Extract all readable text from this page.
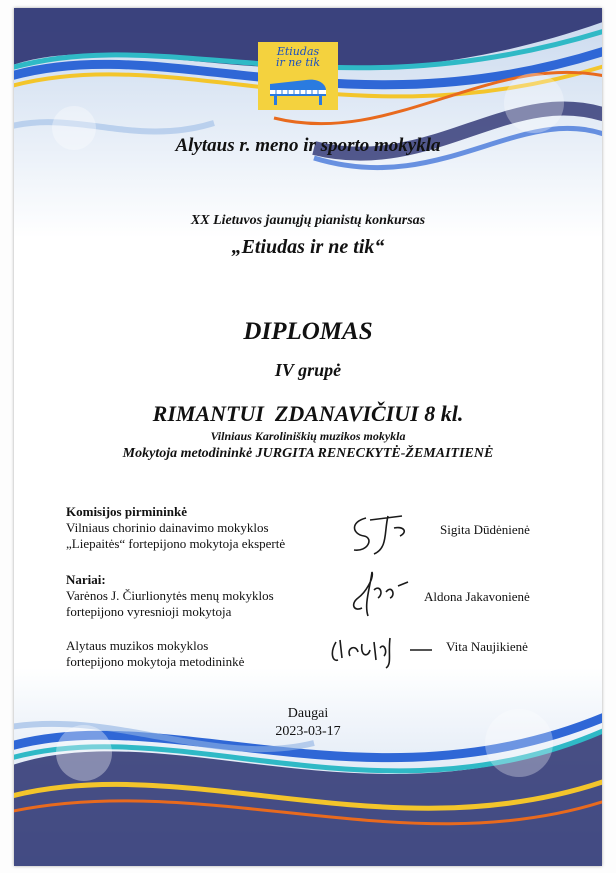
Etiudas
ir ne tik
Alytaus r. meno ir sporto mokykla
XX Lietuvos jaunųjų pianistų konkursas
„Etiudas ir ne tik“
DIPLOMAS
IV grupė
RIMANTUI  ZDANAVIČIUI 8 kl.
Vilniaus Karoliniškių muzikos mokykla
Mokytoja metodininkė JURGITA RENECKYTĖ-ŽEMAITIENĖ
Komisijos pirmininkė
Vilniaus chorinio dainavimo mokyklos
„Liepaitės“ fortepijono mokytoja ekspertė
Sigita Dūdėnienė
Nariai:
Varėnos J. Čiurlionytės menų mokyklos
fortepijono vyresnioji mokytoja
Aldona Jakavonienė
Alytaus muzikos mokyklos
fortepijono mokytoja metodininkė
Vita Naujikienė
Daugai
2023-03-17
